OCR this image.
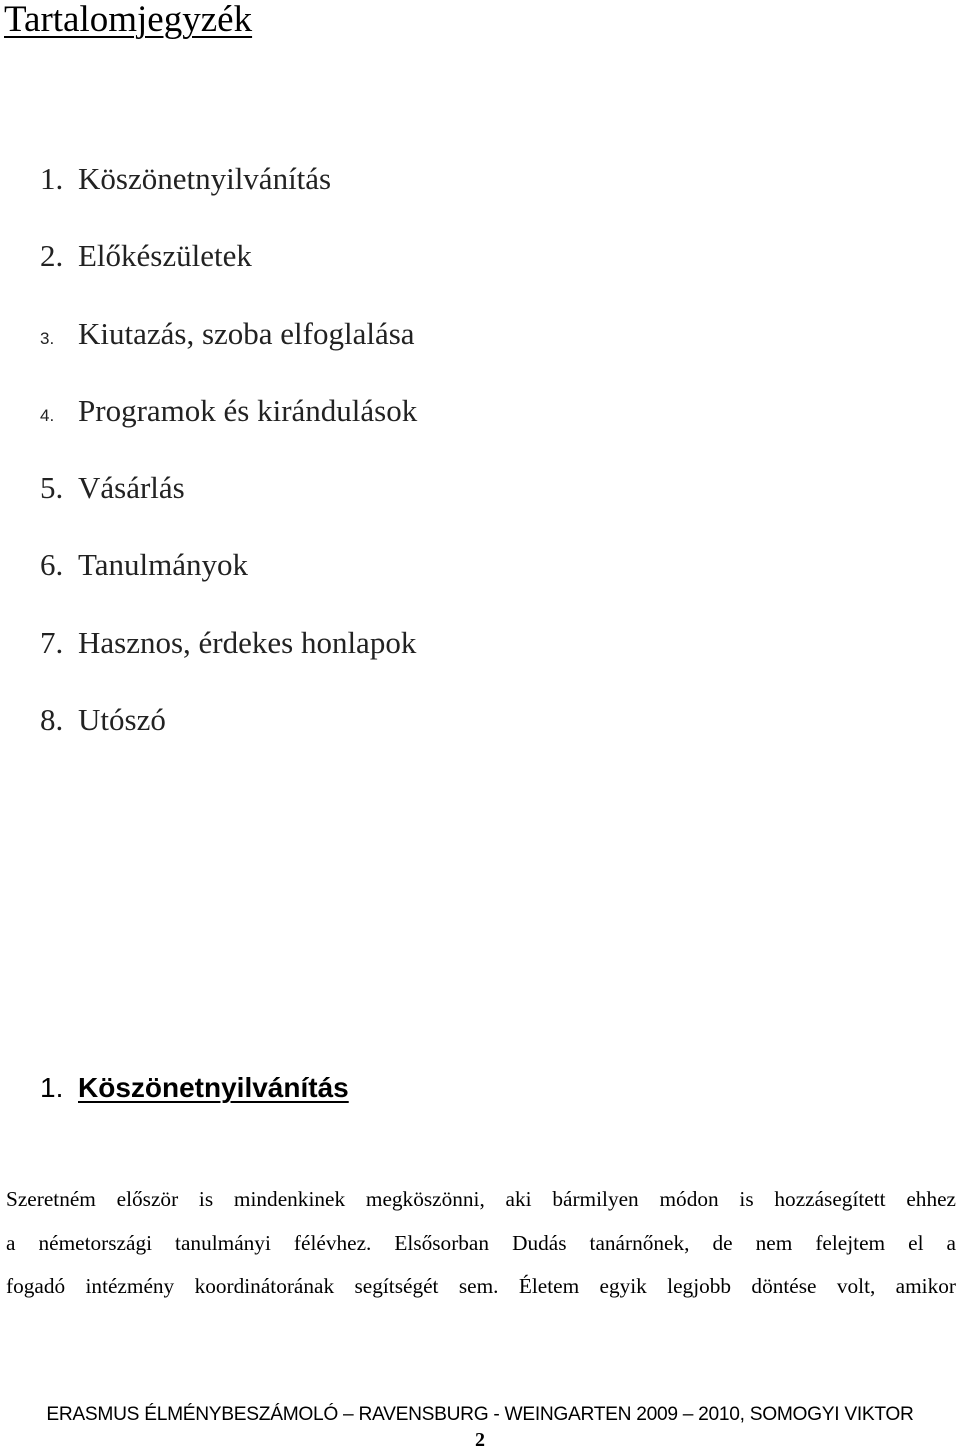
Tartalomjegyzék
1. Köszönetnyilvánítás
2. Előkészületek
3. Kiutazás, szoba elfoglalása
4. Programok és kirándulások
5. Vásárlás
6. Tanulmányok
7. Hasznos, érdekes honlapok
8. Utószó
1. Köszönetnyilvánítás

Szeretném először is mindenkinek megköszönni, aki bármilyen módon is hozzásegített ehhez
a németországi tanulmányi félévhez. Elsősorban Dudás tanárnőnek, de nem felejtem el a
fogadó intézmény koordinátorának segítségét sem. Életem egyik legjobb döntése volt, amikor

ERASMUS ÉLMÉNYBESZÁMOLÓ – RAVENSBURG - WEINGARTEN 2009 – 2010, SOMOGYI VIKTOR
2
